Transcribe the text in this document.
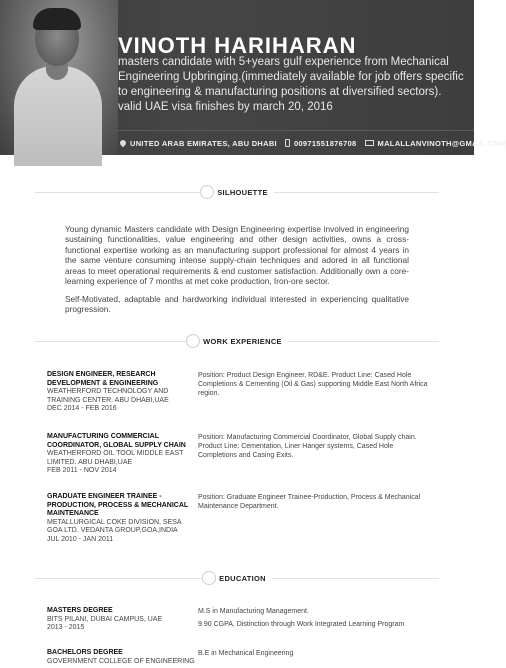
VINOTH HARIHARAN
masters candidate with 5+years gulf experience from Mechanical Engineering Upbringing.(immediately available for job offers specific to engineering & manufacturing positions at diversified sectors). valid UAE visa finishes by march 20, 2016
UNITED ARAB EMIRATES, ABU DHABI 00971551876708	MALALLANVINOTH@GMAIL.COM
SILHOUETTE
Young dynamic Masters candidate with Design Engineering expertise involved in engineering sustaining functionalities, value engineering and other design activities, owns a cross-functional expertise working as an manufacturing support professional for almost 4 years in the same venture consuming intense supply-chain techniques and adored in all functional areas to meet operational requirements & end customer satisfaction. Additionally own a core-learning experience of 7 months at met coke production, Iron-ore sector.
Self-Motivated, adaptable and hardworking individual interested in experiencing qualitative progression.
WORK EXPERIENCE
DESIGN ENGINEER, RESEARCH DEVELOPMENT & ENGINEERING
WEATHERFORD TECHNOLOGY AND TRAINING CENTER. ABU DHABI,UAE
DEC 2014 - FEB 2016
Position: Product Design Engineer, RD&E. Product Line: Cased Hole Completions & Cementing (Oil & Gas) supporting Middle East North Africa region.
MANUFACTURING COMMERCIAL COORDINATOR, GLOBAL SUPPLY CHAIN
WEATHERFORD OIL TOOL MIDDLE EAST LIMITED. ABU DHABI,UAE
FEB 2011 - NOV 2014
Position: Manufacturing Commercial Coordinator, Global Supply chain. Product Line: Cementation, Liner Hanger systems, Cased Hole Completions and Casing Exits.
GRADUATE ENGINEER TRAINEE - PRODUCTION, PROCESS & MECHANICAL MAINTENANCE
METALLURGICAL COKE DIVISION, SESA GOA LTD. VEDANTA GROUP,GOA,INDIA
JUL 2010 - JAN 2011
Position: Graduate Engineer Trainee-Production, Process & Mechanical Maintenance Department.
EDUCATION
MASTERS DEGREE
BITS PILANI, DUBAI CAMPUS, UAE
2013 - 2015
M.S in Manufacturing Management.
9.90 CGPA, Distinction through Work Integrated Learning Program
BACHELORS DEGREE
GOVERNMENT COLLEGE OF ENGINEERING
B.E in Mechanical Engineering
